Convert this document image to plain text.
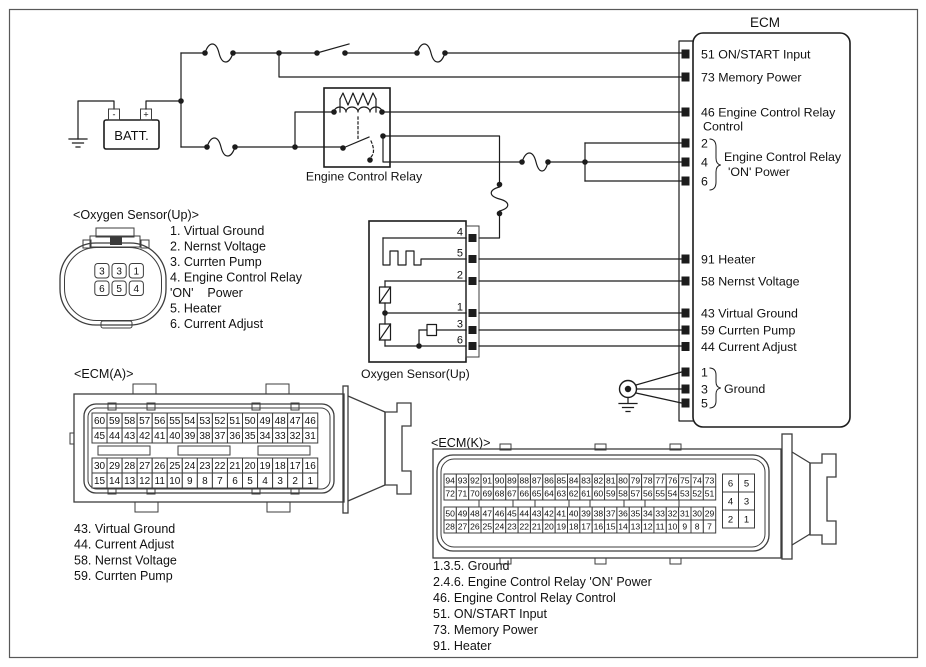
BATT.
-	+
Engine Control Relay
ECM
51 ON/START Input
73 Memory Power
46 Engine Control Relay
Control
91 Heater
58 Nernst Voltage
43 Virtual Ground
59 Currten Pump
44 Current Adjust
2
4
6
Engine Control Relay
'ON' Power
1
3
5
Ground
4
5
2
1
3
6
Oxygen Sensor(Up)
<Oxygen Sensor(Up)>
3 3 1
6 5 4
1. Virtual Ground
2. Nernst Voltage
3. Currten Pump
4. Engine Control Relay
'ON'    Power
5. Heater
6. Current Adjust
<ECM(A)>
60 59 58 57 56 55 54 53 52 51 50 49 48 47 46
45 44 43 42 41 40 39 38 37 36 35 34 33 32 31
30 29 28 27 26 25 24 23 22 21 20 19 18 17 16
15 14 13 12 11 10 9 8 7 6 5 4 3 2 1
43. Virtual Ground
44. Current Adjust
58. Nernst Voltage
59. Currten Pump
<ECM(K)>
94 93 92 91 90 89 88 87 86 85 84 83 82 81 80 79 78 77 76 75 74 73
72 71 70 69 68 67 66 65 64 63 62 61 60 59 58 57 56 55 54 53 52 51
50 49 48 47 46 45 44 43 42 41 40 39 38 37 36 35 34 33 32 31 30 29
28 27 26 25 24 23 22 21 20 19 18 17 16 15 14 13 12 11 10 9 8 7
6 5
4 3
2 1
1.3.5. Ground
2.4.6. Engine Control Relay 'ON' Power
46. Engine Control Relay Control
51. ON/START Input
73. Memory Power
91. Heater
